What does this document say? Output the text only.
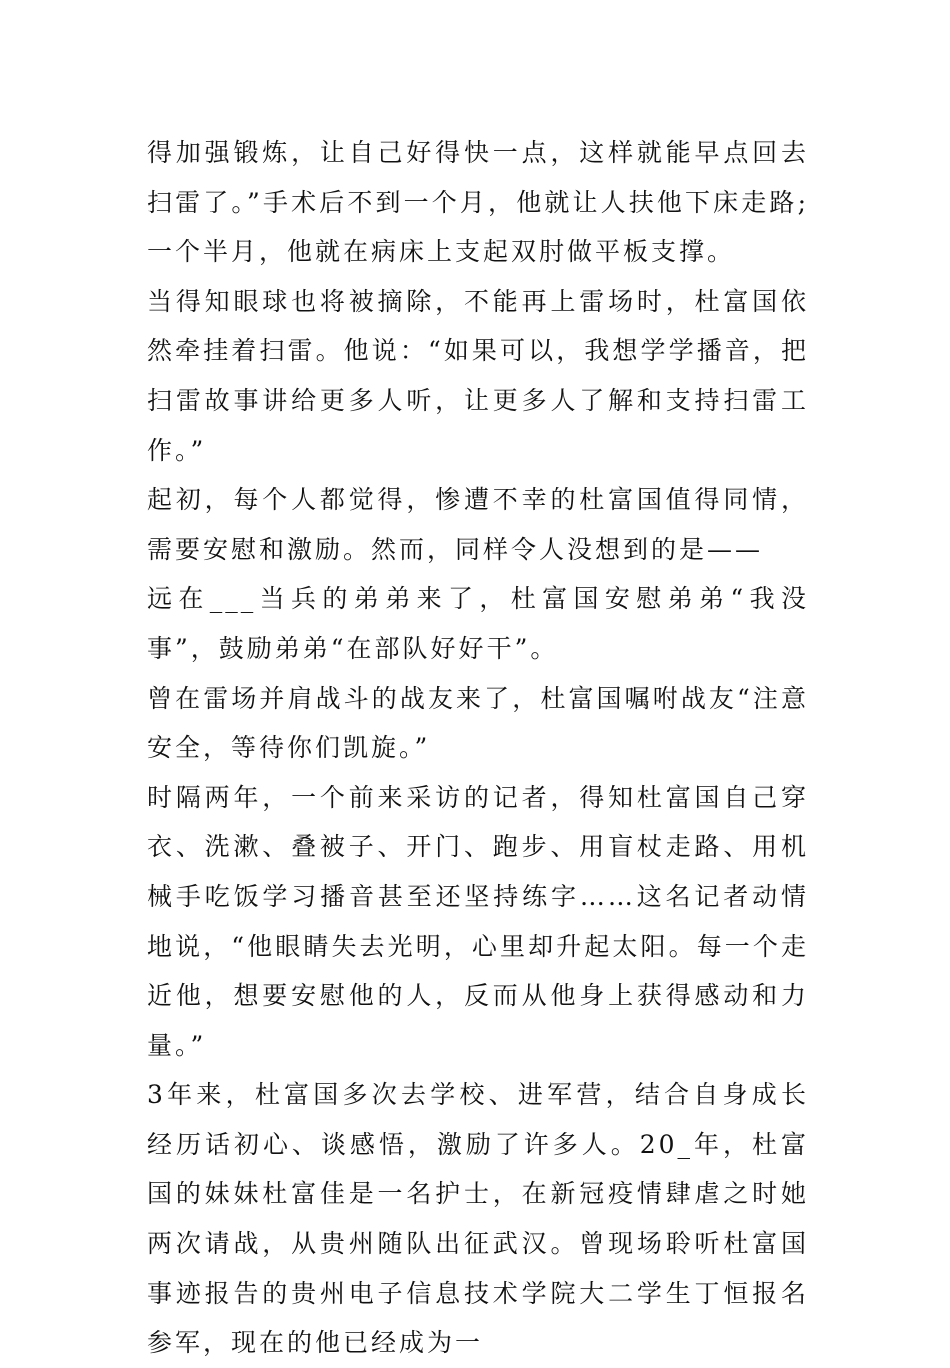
得加强锻炼，让自己好得快一点，这样就能早点回去扫雷了。”手术后不到一个月，他就让人扶他下床走路;一个半月，他就在病床上支起双肘做平板支撑。

当得知眼球也将被摘除，不能再上雷场时，杜富国依然牵挂着扫雷。他说：“如果可以，我想学学播音，把扫雷故事讲给更多人听，让更多人了解和支持扫雷工作。”

起初，每个人都觉得，惨遭不幸的杜富国值得同情，需要安慰和激励。然而，同样令人没想到的是——

远在___当兵的弟弟来了，杜富国安慰弟弟“我没事”，鼓励弟弟“在部队好好干”。

曾在雷场并肩战斗的战友来了，杜富国嘱咐战友“注意安全，等待你们凯旋。”

时隔两年，一个前来采访的记者，得知杜富国自己穿衣、洗漱、叠被子、开门、跑步、用盲杖走路、用机械手吃饭学习播音甚至还坚持练字……这名记者动情地说，“他眼睛失去光明，心里却升起太阳。每一个走近他，想要安慰他的人，反而从他身上获得感动和力量。”

3年来，杜富国多次去学校、进军营，结合自身成长经历话初心、谈感悟，激励了许多人。20_年，杜富国的妹妹杜富佳是一名护士，在新冠疫情肆虐之时她两次请战，从贵州随队出征武汉。曾现场聆听杜富国事迹报告的贵州电子信息技术学院大二学生丁恒报名参军，现在的他已经成为一
